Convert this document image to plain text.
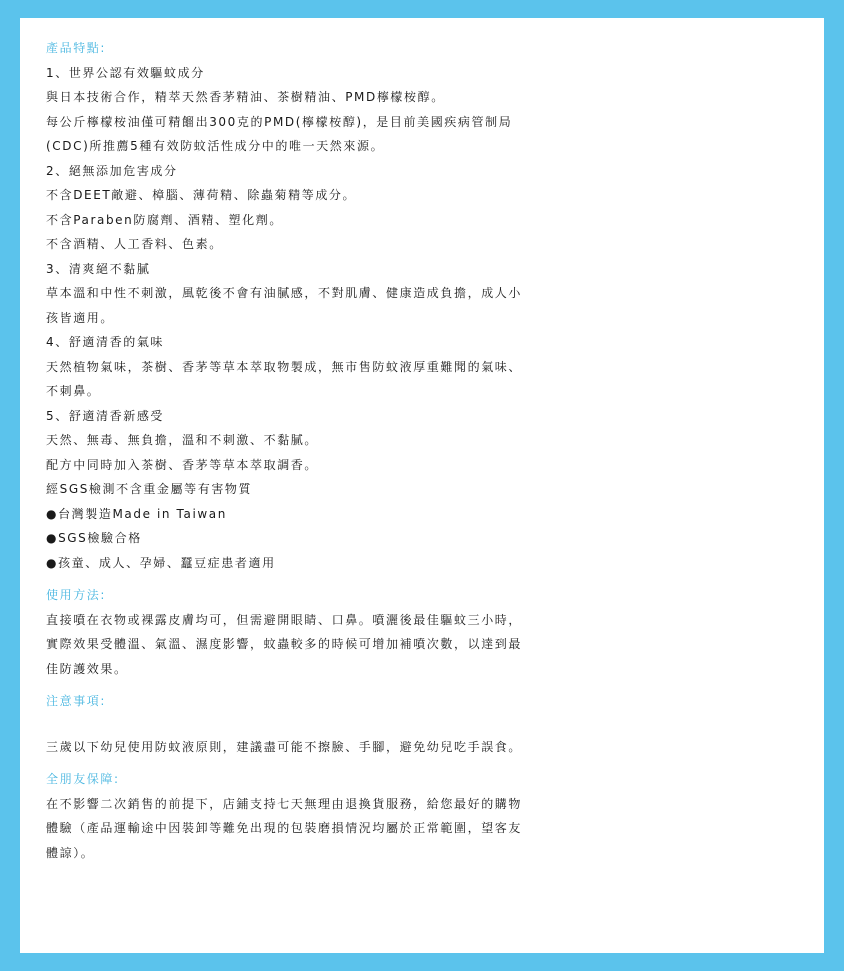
產品特點:

1、世界公認有效驅蚊成分

與日本技術合作，精萃天然香茅精油、茶樹精油、PMD檸檬桉醇。

每公斤檸檬桉油僅可精餾出300克的PMD(檸檬桉醇)，是目前美國疾病管制局

(CDC)所推薦5種有效防蚊活性成分中的唯一天然來源。

2、絕無添加危害成分

不含DEET敵避、樟腦、薄荷精、除蟲菊精等成分。

不含Paraben防腐劑、酒精、塑化劑。

不含酒精、人工香料、色素。

3、清爽絕不黏膩

草本溫和中性不刺激，風乾後不會有油膩感，不對肌膚、健康造成負擔，成人小

孩皆適用。

4、舒適清香的氣味

天然植物氣味，茶樹、香茅等草本萃取物製成，無市售防蚊液厚重難聞的氣味、

不刺鼻。

5、舒適清香新感受

天然、無毒、無負擔，溫和不刺激、不黏膩。

配方中同時加入茶樹、香茅等草本萃取調香。

經SGS檢測不含重金屬等有害物質

●台灣製造Made in Taiwan

●SGS檢驗合格

●孩童、成人、孕婦、蠶豆症患者適用

使用方法:

直接噴在衣物或裸露皮膚均可，但需避開眼睛、口鼻。噴灑後最佳驅蚊三小時，

實際效果受體溫、氣溫、濕度影響，蚊蟲較多的時候可增加補噴次數，以達到最

佳防護效果。

注意事項:

三歲以下幼兒使用防蚊液原則，建議盡可能不擦臉、手腳，避免幼兒吃手誤食。

全朋友保障:

在不影響二次銷售的前提下，店鋪支持七天無理由退換貨服務，給您最好的購物

體驗（產品運輸途中因裝卸等難免出現的包裝磨損情況均屬於正常範圍，望客友

體諒）。
